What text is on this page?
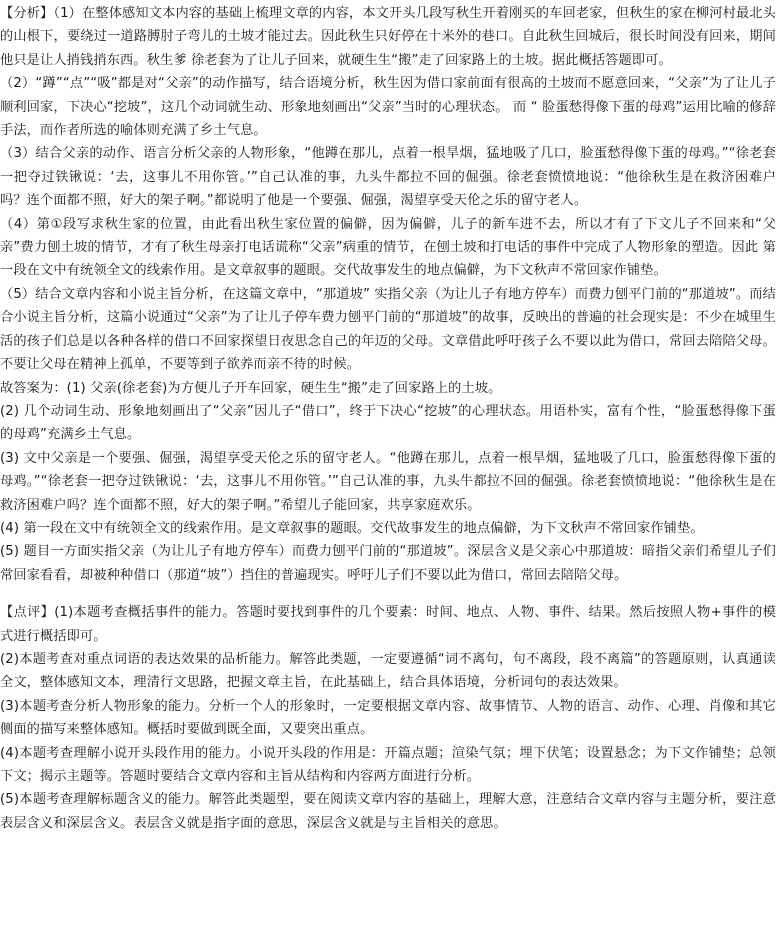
【分析】（1）在整体感知文本内容的基础上梳理文章的内容，本文开头几段写秋生开着刚买的车回老家，但秋生的家在柳河村最北头的山根下，要绕过一道路膊肘子弯儿的土坡才能过去。因此秋生只好停在十米外的巷口。自此秋生回城后，很长时间没有回来，期间他只是让人捎钱捎东西。秋生爹 徐老套为了让儿子回来，就硬生生“搬”走了回家路上的土坡。据此概括答题即可。

（2）“蹲”“点”“吸”都是对“父亲”的动作描写，结合语境分析，秋生因为借口家前面有很高的土坡而不愿意回来，“父亲”为了让儿子顺利回家，下决心“挖坡”，这几个动词就生动、形象地刻画出“父亲”当时的心理状态。 而 “ 脸蛋愁得像下蛋的母鸡”运用比喻的修辞手法，而作者所选的喻体则充满了乡土气息。

（3）结合父亲的动作、语言分析父亲的人物形象，“他蹲在那儿，点着一根旱烟，猛地吸了几口，脸蛋愁得像下蛋的母鸡。”“徐老套一把夺过铁锹说：‘去，这事儿不用你管。’”自己认准的事，九头牛都拉不回的倔强。徐老套愤愤地说：“他徐秋生是在救济困难户吗？连个面都不照，好大的架子啊。”都说明了他是一个要强、倔强，渴望享受天伦之乐的留守老人。

（4）第①段写求秋生家的位置，由此看出秋生家位置的偏僻，因为偏僻，儿子的新车进不去，所以才有了下文儿子不回来和“父亲”费力刨土坡的情节，才有了秋生母亲打电话谎称“父亲”病重的情节，在刨土坡和打电话的事件中完成了人物形象的塑造。因此 第一段在文中有统领全文的线索作用。是文章叙事的题眼。交代故事发生的地点偏僻，为下文秋声不常回家作铺垫。

（5）结合文章内容和小说主旨分析，在这篇文章中，“那道坡” 实指父亲（为让儿子有地方停车）而费力刨平门前的“那道坡”。而结合小说主旨分析，这篇小说通过“父亲”为了让儿子停车费力刨平门前的“那道坡”的故事，反映出的普遍的社会现实是：不少在城里生活的孩子们总是以各种各样的借口不回家探望日夜思念自己的年迈的父母。文章借此呼吁孩子么不要以此为借口，常回去陪陪父母。不要让父母在精神上孤单，不要等到子欲养而亲不待的时候。

故答案为：(1) 父亲(徐老套)为方便儿子开车回家，硬生生“搬”走了回家路上的土坡。

(2) 几个动词生动、形象地刻画出了“父亲”因儿子“借口”，终于下决心“挖坡”的心理状态。用语朴实，富有个性，“脸蛋愁得像下蛋的母鸡”充满乡土气息。

(3) 文中父亲是一个要强、倔强，渴望享受天伦之乐的留守老人。“他蹲在那儿，点着一根旱烟，猛地吸了几口，脸蛋愁得像下蛋的母鸡。”“徐老套一把夺过铁锹说：‘去，这事儿不用你管。’”自己认准的事，九头牛都拉不回的倔强。徐老套愤愤地说：“他徐秋生是在救济困难户吗？连个面都不照，好大的架子啊。”希望儿子能回家，共享家庭欢乐。

(4) 第一段在文中有统领全文的线索作用。是文章叙事的题眼。交代故事发生的地点偏僻，为下文秋声不常回家作铺垫。

(5) 题目一方面实指父亲（为让儿子有地方停车）而费力刨平门前的“那道坡”。深层含义是父亲心中那道坡：暗指父亲们希望儿子们常回家看看，却被种种借口（那道“坡”）挡住的普遍现实。呼吁儿子们不要以此为借口，常回去陪陪父母。

【点评】(1)本题考查概括事件的能力。答题时要找到事件的几个要素：时间、地点、人物、事件、结果。然后按照人物+事件的模式进行概括即可。

(2)本题考查对重点词语的表达效果的品析能力。解答此类题，一定要遵循“词不离句，句不离段，段不离篇”的答题原则，认真通读全文，整体感知文本，理清行文思路，把握文章主旨，在此基础上，结合具体语境，分析词句的表达效果。

(3)本题考查分析人物形象的能力。分析一个人的形象时，一定要根据文章内容、故事情节、人物的语言、动作、心理、肖像和其它侧面的描写来整体感知。概括时要做到既全面，又要突出重点。

(4)本题考查理解小说开头段作用的能力。小说开头段的作用是：开篇点题；渲染气氛；埋下伏笔；设置悬念；为下文作铺垫；总领下文；揭示主题等。答题时要结合文章内容和主旨从结构和内容两方面进行分析。

(5)本题考查理解标题含义的能力。解答此类题型，要在阅读文章内容的基础上，理解大意，注意结合文章内容与主题分析，要注意表层含义和深层含义。表层含义就是指字面的意思，深层含义就是与主旨相关的意思。
